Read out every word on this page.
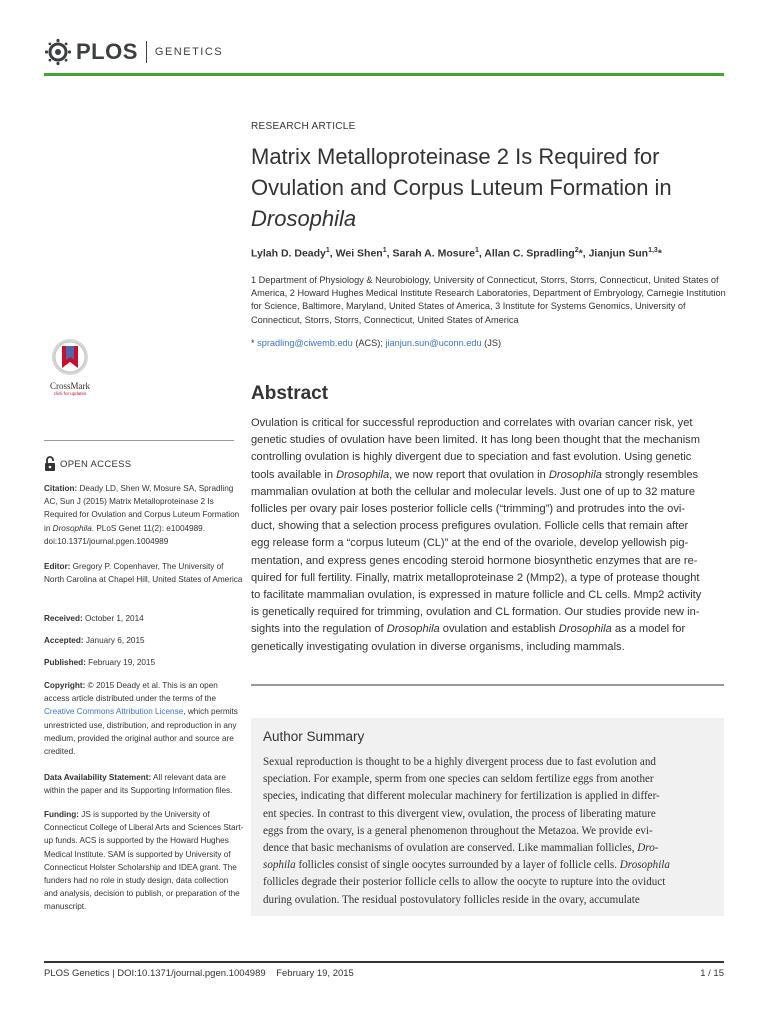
PLOS GENETICS
RESEARCH ARTICLE
Matrix Metalloproteinase 2 Is Required for
Ovulation and Corpus Luteum Formation in
Drosophila
Lylah D. Deady$^1$, Wei Shen$^1$, Sarah A. Mosure$^1$, Allan C. Spradling$^2$*, Jianjun Sun$^{1,3}$*
1 Department of Physiology & Neurobiology, University of Connecticut, Storrs, Storrs, Connecticut, United States of America, 2 Howard Hughes Medical Institute Research Laboratories, Department of Embryology, Carnegie Institution for Science, Baltimore, Maryland, United States of America, 3 Institute for Systems Genomics, University of Connecticut, Storrs, Storrs, Connecticut, United States of America
* spradling@ciwemb.edu (ACS); jianjun.sun@uconn.edu (JS)
Abstract
Ovulation is critical for successful reproduction and correlates with ovarian cancer risk, yet
genetic studies of ovulation have been limited. It has long been thought that the mechanism
controlling ovulation is highly divergent due to speciation and fast evolution. Using genetic
tools available in Drosophila, we now report that ovulation in Drosophila strongly resembles
mammalian ovulation at both the cellular and molecular levels. Just one of up to 32 mature
follicles per ovary pair loses posterior follicle cells (“trimming”) and protrudes into the ovi-
duct, showing that a selection process prefigures ovulation. Follicle cells that remain after
egg release form a “corpus luteum (CL)” at the end of the ovariole, develop yellowish pig-
mentation, and express genes encoding steroid hormone biosynthetic enzymes that are re-
quired for full fertility. Finally, matrix metalloproteinase 2 (Mmp2), a type of protease thought
to facilitate mammalian ovulation, is expressed in mature follicle and CL cells. Mmp2 activity
is genetically required for trimming, ovulation and CL formation. Our studies provide new in-
sights into the regulation of Drosophila ovulation and establish Drosophila as a model for
genetically investigating ovulation in diverse organisms, including mammals.
Author Summary
Sexual reproduction is thought to be a highly divergent process due to fast evolution and
speciation. For example, sperm from one species can seldom fertilize eggs from another
species, indicating that different molecular machinery for fertilization is applied in differ-
ent species. In contrast to this divergent view, ovulation, the process of liberating mature
eggs from the ovary, is a general phenomenon throughout the Metazoa. We provide evi-
dence that basic mechanisms of ovulation are conserved. Like mammalian follicles, Dro-
sophila follicles consist of single oocytes surrounded by a layer of follicle cells. Drosophila
follicles degrade their posterior follicle cells to allow the oocyte to rupture into the oviduct
during ovulation. The residual postovulatory follicles reside in the ovary, accumulate
CrossMark
click for updates
OPEN ACCESS
Citation: Deady LD, Shen W, Mosure SA, Spradling AC, Sun J (2015) Matrix Metalloproteinase 2 Is Required for Ovulation and Corpus Luteum Formation in Drosophila. PLoS Genet 11(2): e1004989. doi:10.1371/journal.pgen.1004989
Editor: Gregory P. Copenhaver, The University of North Carolina at Chapel Hill, United States of America
Received: October 1, 2014
Accepted: January 6, 2015
Published: February 19, 2015
Copyright: © 2015 Deady et al. This is an open access article distributed under the terms of the Creative Commons Attribution License, which permits unrestricted use, distribution, and reproduction in any medium, provided the original author and source are credited.
Data Availability Statement: All relevant data are within the paper and its Supporting Information files.
Funding: JS is supported by the University of Connecticut College of Liberal Arts and Sciences Start-up funds. ACS is supported by the Howard Hughes Medical Institute. SAM is supported by University of Connecticut Holster Scholarship and IDEA grant. The funders had no role in study design, data collection and analysis, decision to publish, or preparation of the manuscript.
PLOS Genetics | DOI:10.1371/journal.pgen.1004989    February 19, 2015	1 / 15
